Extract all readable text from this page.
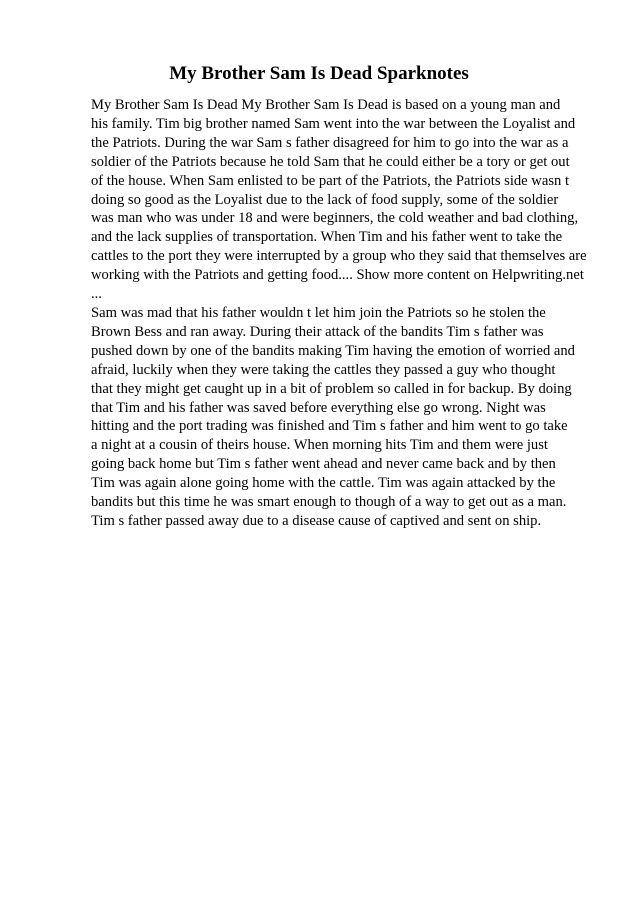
My Brother Sam Is Dead Sparknotes
My Brother Sam Is Dead My Brother Sam Is Dead is based on a young man and
his family. Tim big brother named Sam went into the war between the Loyalist and
the Patriots. During the war Sam s father disagreed for him to go into the war as a
soldier of the Patriots because he told Sam that he could either be a tory or get out
of the house. When Sam enlisted to be part of the Patriots, the Patriots side wasn t
doing so good as the Loyalist due to the lack of food supply, some of the soldier
was man who was under 18 and were beginners, the cold weather and bad clothing,
and the lack supplies of transportation. When Tim and his father went to take the
cattles to the port they were interrupted by a group who they said that themselves are
working with the Patriots and getting food.... Show more content on Helpwriting.net
...
Sam was mad that his father wouldn t let him join the Patriots so he stolen the
Brown Bess and ran away. During their attack of the bandits Tim s father was
pushed down by one of the bandits making Tim having the emotion of worried and
afraid, luckily when they were taking the cattles they passed a guy who thought
that they might get caught up in a bit of problem so called in for backup. By doing
that Tim and his father was saved before everything else go wrong. Night was
hitting and the port trading was finished and Tim s father and him went to go take
a night at a cousin of theirs house. When morning hits Tim and them were just
going back home but Tim s father went ahead and never came back and by then
Tim was again alone going home with the cattle. Tim was again attacked by the
bandits but this time he was smart enough to though of a way to get out as a man.
Tim s father passed away due to a disease cause of captived and sent on ship.
